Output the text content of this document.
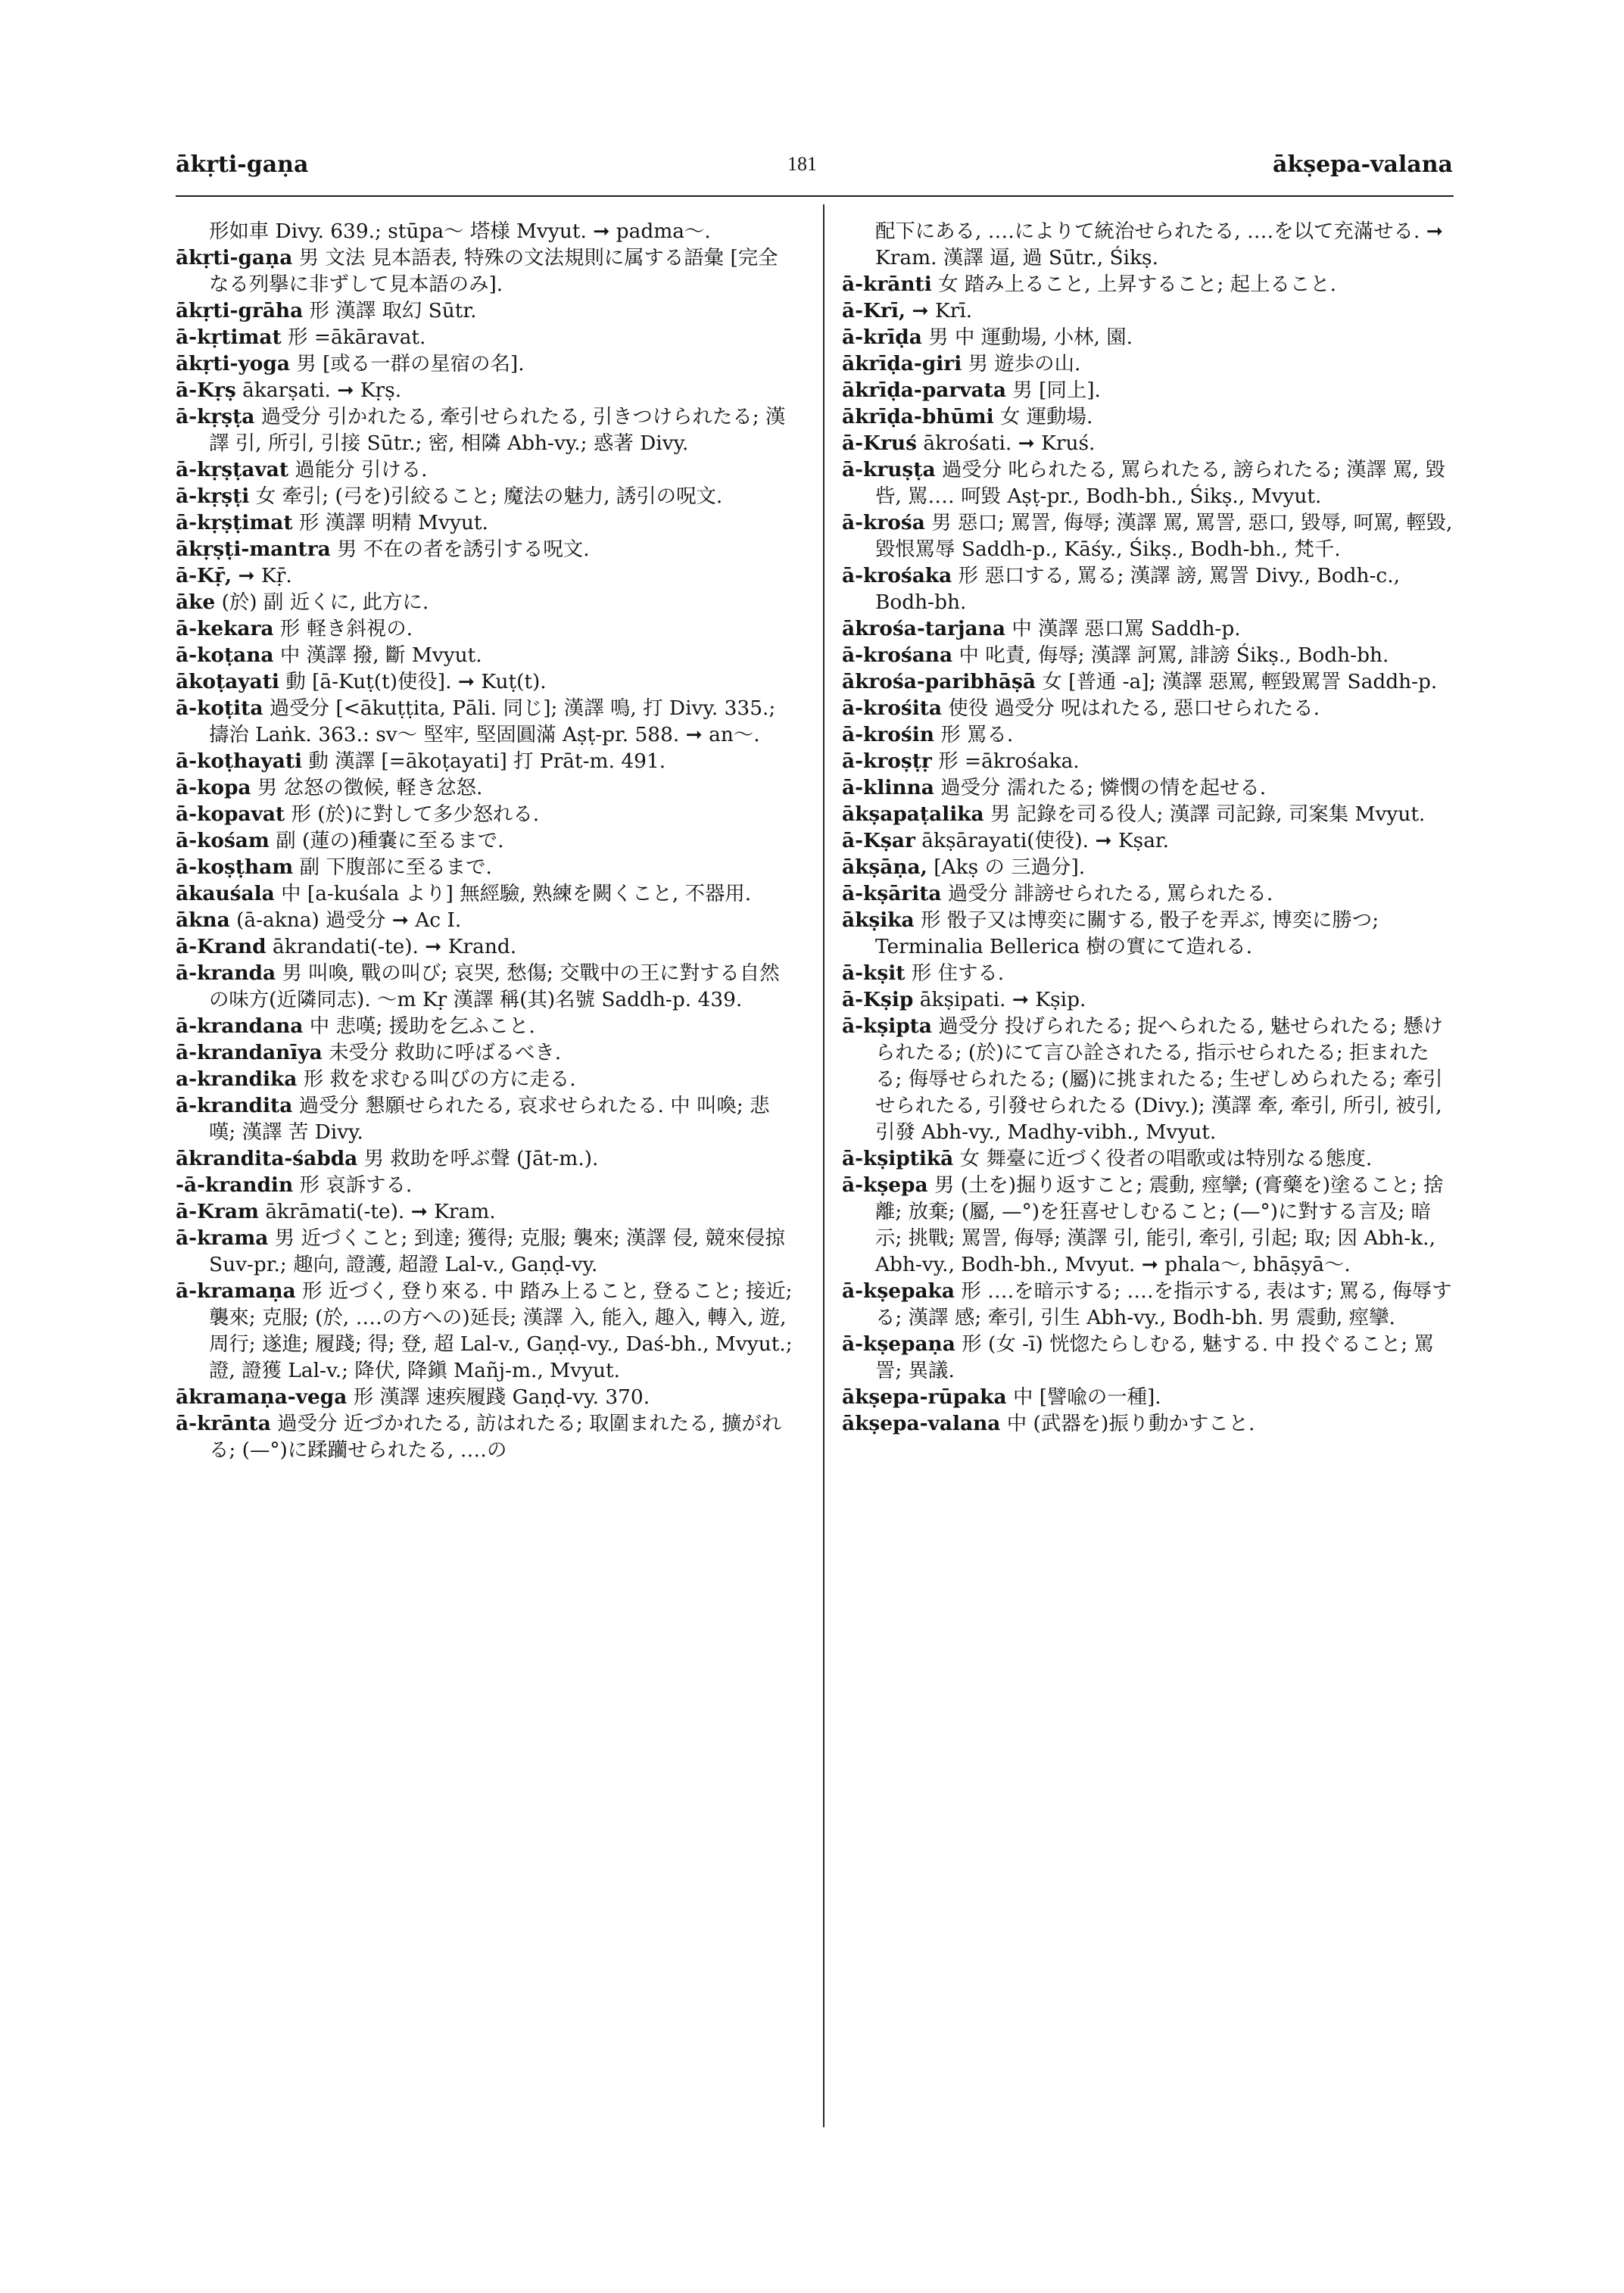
ākṛti-gaṇa	181	ākṣepa-valana

形如車 Divy. 639.; stūpa〜 塔様 Mvyut. ➞ padma〜.

ākṛti-gaṇa 男 文法 見本語表, 特殊の文法規則に属する語彙 [完全なる列擧に非ずして見本語のみ].

ākṛti-grāha 形 漢譯 取幻 Sūtr.

ā-kṛtimat 形 =ākāravat.

ākṛti-yoga 男 [或る一群の星宿の名].

ā-Kṛṣ ākarṣati. ➞ Kṛṣ.

ā-kṛṣṭa 過受分 引かれたる, 牽引せられたる, 引きつけられたる; 漢譯 引, 所引, 引接 Sūtr.; 密, 相隣 Abh-vy.; 惑著 Divy.

ā-kṛṣṭavat 過能分 引ける.

ā-kṛṣṭi 女 牽引; (弓を)引絞ること; 魔法の魅力, 誘引の呪文.

ā-kṛṣṭimat 形 漢譯 明精 Mvyut.

ākṛṣṭi-mantra 男 不在の者を誘引する呪文.

ā-Kṝ, ➞ Kṝ.

āke (於) 副 近くに, 此方に.

ā-kekara 形 軽き斜視の.

ā-koṭana 中 漢譯 撥, 斷 Mvyut.

ākoṭayati 動 [ā-Kuṭ(t)使役]. ➞ Kuṭ(t).

ā-koṭita 過受分 [<ākuṭṭita, Pāli. 同じ]; 漢譯 鳴, 打 Divy. 335.; 擣治 Laṅk. 363.: sv〜 堅牢, 堅固圓滿 Aṣṭ-pr. 588. ➞ an〜.

ā-koṭhayati 動 漢譯 [=ākoṭayati] 打 Prāt-m. 491.

ā-kopa 男 忿怒の徴候, 軽き忿怒.

ā-kopavat 形 (於)に對して多少怒れる.

ā-kośam 副 (蓮の)種嚢に至るまで.

ā-koṣṭham 副 下腹部に至るまで.

ākauśala 中 [a-kuśala より] 無經驗, 熟練を闕くこと, 不器用.

ākna (ā-akna) 過受分 ➞ Ac I.

ā-Krand ākrandati(-te). ➞ Krand.

ā-kranda 男 叫喚, 戰の叫び; 哀哭, 愁傷; 交戰中の王に對する自然の味方(近隣同志). 〜m Kṛ 漢譯 稱(其)名號 Saddh-p. 439.

ā-krandana 中 悲嘆; 援助を乞ふこと.

ā-krandanīya 未受分 救助に呼ばるべき.

a-krandika 形 救を求むる叫びの方に走る.

ā-krandita 過受分 懇願せられたる, 哀求せられたる. 中 叫喚; 悲嘆; 漢譯 苦 Divy.

ākrandita-śabda 男 救助を呼ぶ聲 (Jāt-m.).

-ā-krandin 形 哀訴する.

ā-Kram ākrāmati(-te). ➞ Kram.

ā-krama 男 近づくこと; 到達; 獲得; 克服; 襲來; 漢譯 侵, 競來侵掠 Suv-pr.; 趣向, 證護, 超證 Lal-v., Gaṇḍ-vy.

ā-kramaṇa 形 近づく, 登り來る. 中 踏み上ること, 登ること; 接近; 襲來; 克服; (於, ‥‥の方への)延長; 漢譯 入, 能入, 趣入, 轉入, 遊, 周行; 遂進; 履踐; 得; 登, 超 Lal-v., Gaṇḍ-vy., Daś-bh., Mvyut.; 證, 證獲 Lal-v.; 降伏, 降鎭 Mañj-m., Mvyut.

ākramaṇa-vega 形 漢譯 速疾履踐 Gaṇḍ-vy. 370.

ā-krānta 過受分 近づかれたる, 訪はれたる; 取圍まれたる, 擴がれる; (—°)に蹂躪せられたる, ‥‥の

配下にある, ‥‥によりて統治せられたる, ‥‥を以て充滿せる. ➞ Kram. 漢譯 逼, 過 Sūtr., Śikṣ.

ā-krānti 女 踏み上ること, 上昇すること; 起上ること.

ā-Krī, ➞ Krī.

ā-krīḍa 男 中 運動場, 小林, 園.

ākrīḍa-giri 男 遊歩の山.

ākrīḍa-parvata 男 [同上].

ākrīḍa-bhūmi 女 運動場.

ā-Kruś ākrośati. ➞ Kruś.

ā-kruṣṭa 過受分 叱られたる, 罵られたる, 謗られたる; 漢譯 罵, 毀呰, 駡‥‥ 呵毀 Aṣṭ-pr., Bodh-bh., Śikṣ., Mvyut.

ā-krośa 男 惡口; 罵詈, 侮辱; 漢譯 罵, 罵詈, 惡口, 毀辱, 呵罵, 輕毀, 毀恨罵辱 Saddh-p., Kāśy., Śikṣ., Bodh-bh., 梵千.

ā-krośaka 形 惡口する, 罵る; 漢譯 謗, 罵詈 Divy., Bodh-c., Bodh-bh.

ākrośa-tarjana 中 漢譯 惡口罵 Saddh-p.

ā-krośana 中 叱責, 侮辱; 漢譯 訶罵, 誹謗 Śikṣ., Bodh-bh.

ākrośa-paribhāṣā 女 [普通 -a]; 漢譯 惡罵, 輕毀罵詈 Saddh-p.

ā-krośita 使役 過受分 呪はれたる, 惡口せられたる.

ā-krośin 形 罵る.

ā-kroṣṭṛ 形 =ākrośaka.

ā-klinna 過受分 濡れたる; 憐憫の情を起せる.

ākṣapaṭalika 男 記錄を司る役人; 漢譯 司記錄, 司案集 Mvyut.

ā-Kṣar ākṣārayati(使役). ➞ Kṣar.

ākṣāṇa, [Akṣ の 三過分].

ā-kṣārita 過受分 誹謗せられたる, 罵られたる.

ākṣika 形 骰子又は博奕に關する, 骰子を弄ぶ, 博奕に勝つ; Terminalia Bellerica 樹の實にて造れる.

ā-kṣit 形 住する.

ā-Kṣip ākṣipati. ➞ Kṣip.

ā-kṣipta 過受分 投げられたる; 捉へられたる, 魅せられたる; 懸けられたる; (於)にて言ひ詮されたる, 指示せられたる; 拒まれたる; 侮辱せられたる; (屬)に挑まれたる; 生ぜしめられたる; 牽引せられたる, 引發せられたる (Divy.); 漢譯 牽, 牽引, 所引, 被引, 引發 Abh-vy., Madhy-vibh., Mvyut.

ā-kṣiptikā 女 舞臺に近づく役者の唱歌或は特別なる態度.

ā-kṣepa 男 (土を)掘り返すこと; 震動, 痙攣; (膏藥を)塗ること; 捨離; 放棄; (屬, —°)を狂喜せしむること; (—°)に對する言及; 暗示; 挑戰; 罵詈, 侮辱; 漢譯 引, 能引, 牽引, 引起; 取; 因 Abh-k., Abh-vy., Bodh-bh., Mvyut. ➞ phala〜, bhāṣyā〜.

ā-kṣepaka 形 ‥‥を暗示する; ‥‥を指示する, 表はす; 罵る, 侮辱する; 漢譯 感; 牽引, 引生 Abh-vy., Bodh-bh. 男 震動, 痙攣.

ā-kṣepaṇa 形 (女 -ī) 恍惚たらしむる, 魅する. 中 投ぐること; 罵詈; 異議.

ākṣepa-rūpaka 中 [譬喩の一種].

ākṣepa-valana 中 (武器を)振り動かすこと.
